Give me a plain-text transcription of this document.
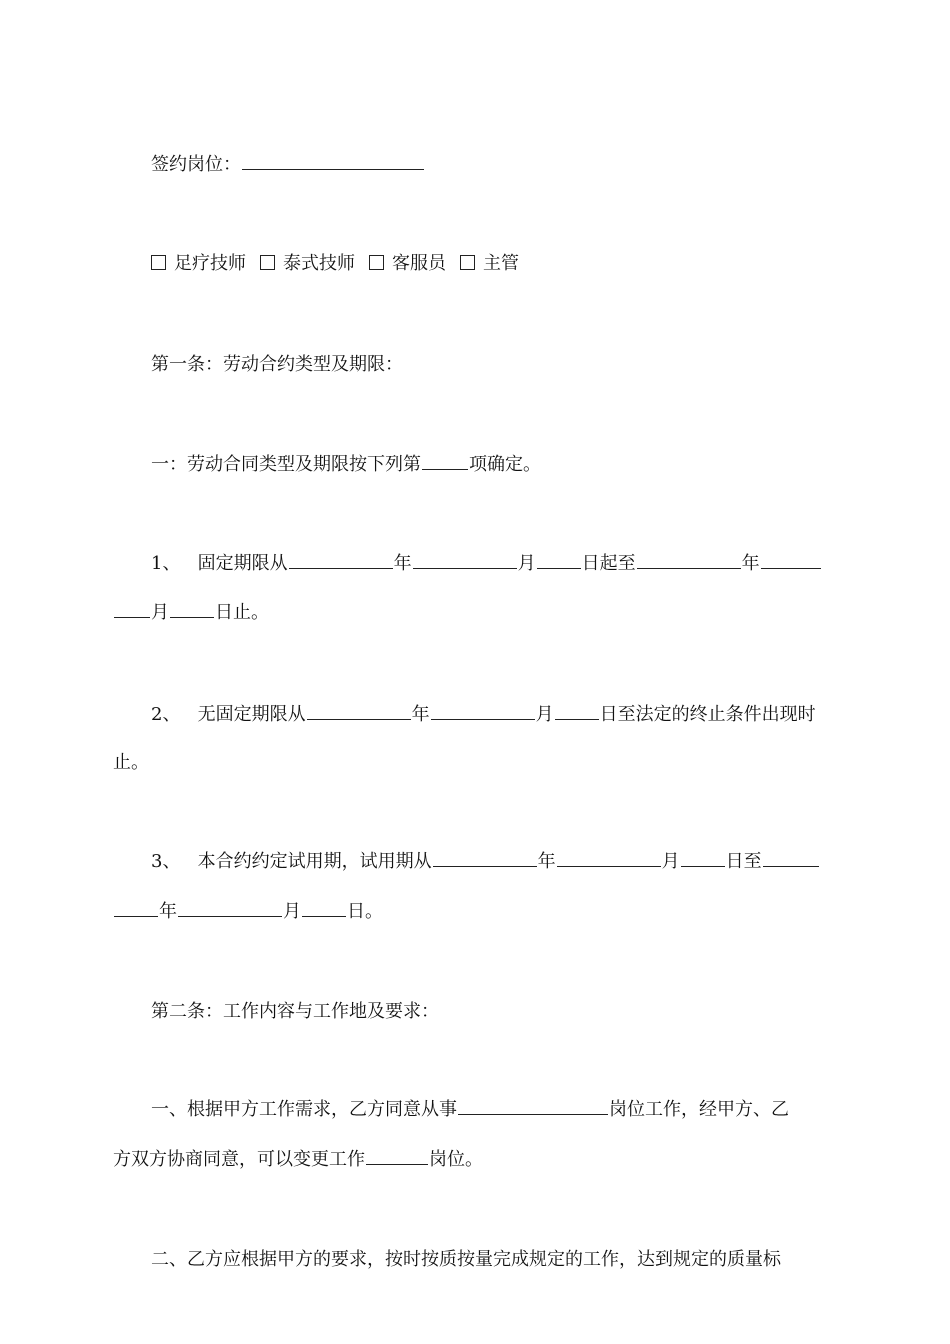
签约岗位：
足疗技师 泰式技师 客服员 主管
第一条：劳动合约类型及期限：
一：劳动合同类型及期限按下列第	项确定。
1、 固定期限从	年	月	日起至	年
月	日止。
2、 无固定期限从	年	月	日至法定的终止条件出现时
止。
3、 本合约约定试用期，试用期从	年	月	日至
年	月	日。
第二条：工作内容与工作地及要求：
一、根据甲方工作需求，乙方同意从事	岗位工作，经甲方、乙
方双方协商同意，可以变更工作	岗位。
二、乙方应根据甲方的要求，按时按质按量完成规定的工作，达到规定的质量标
